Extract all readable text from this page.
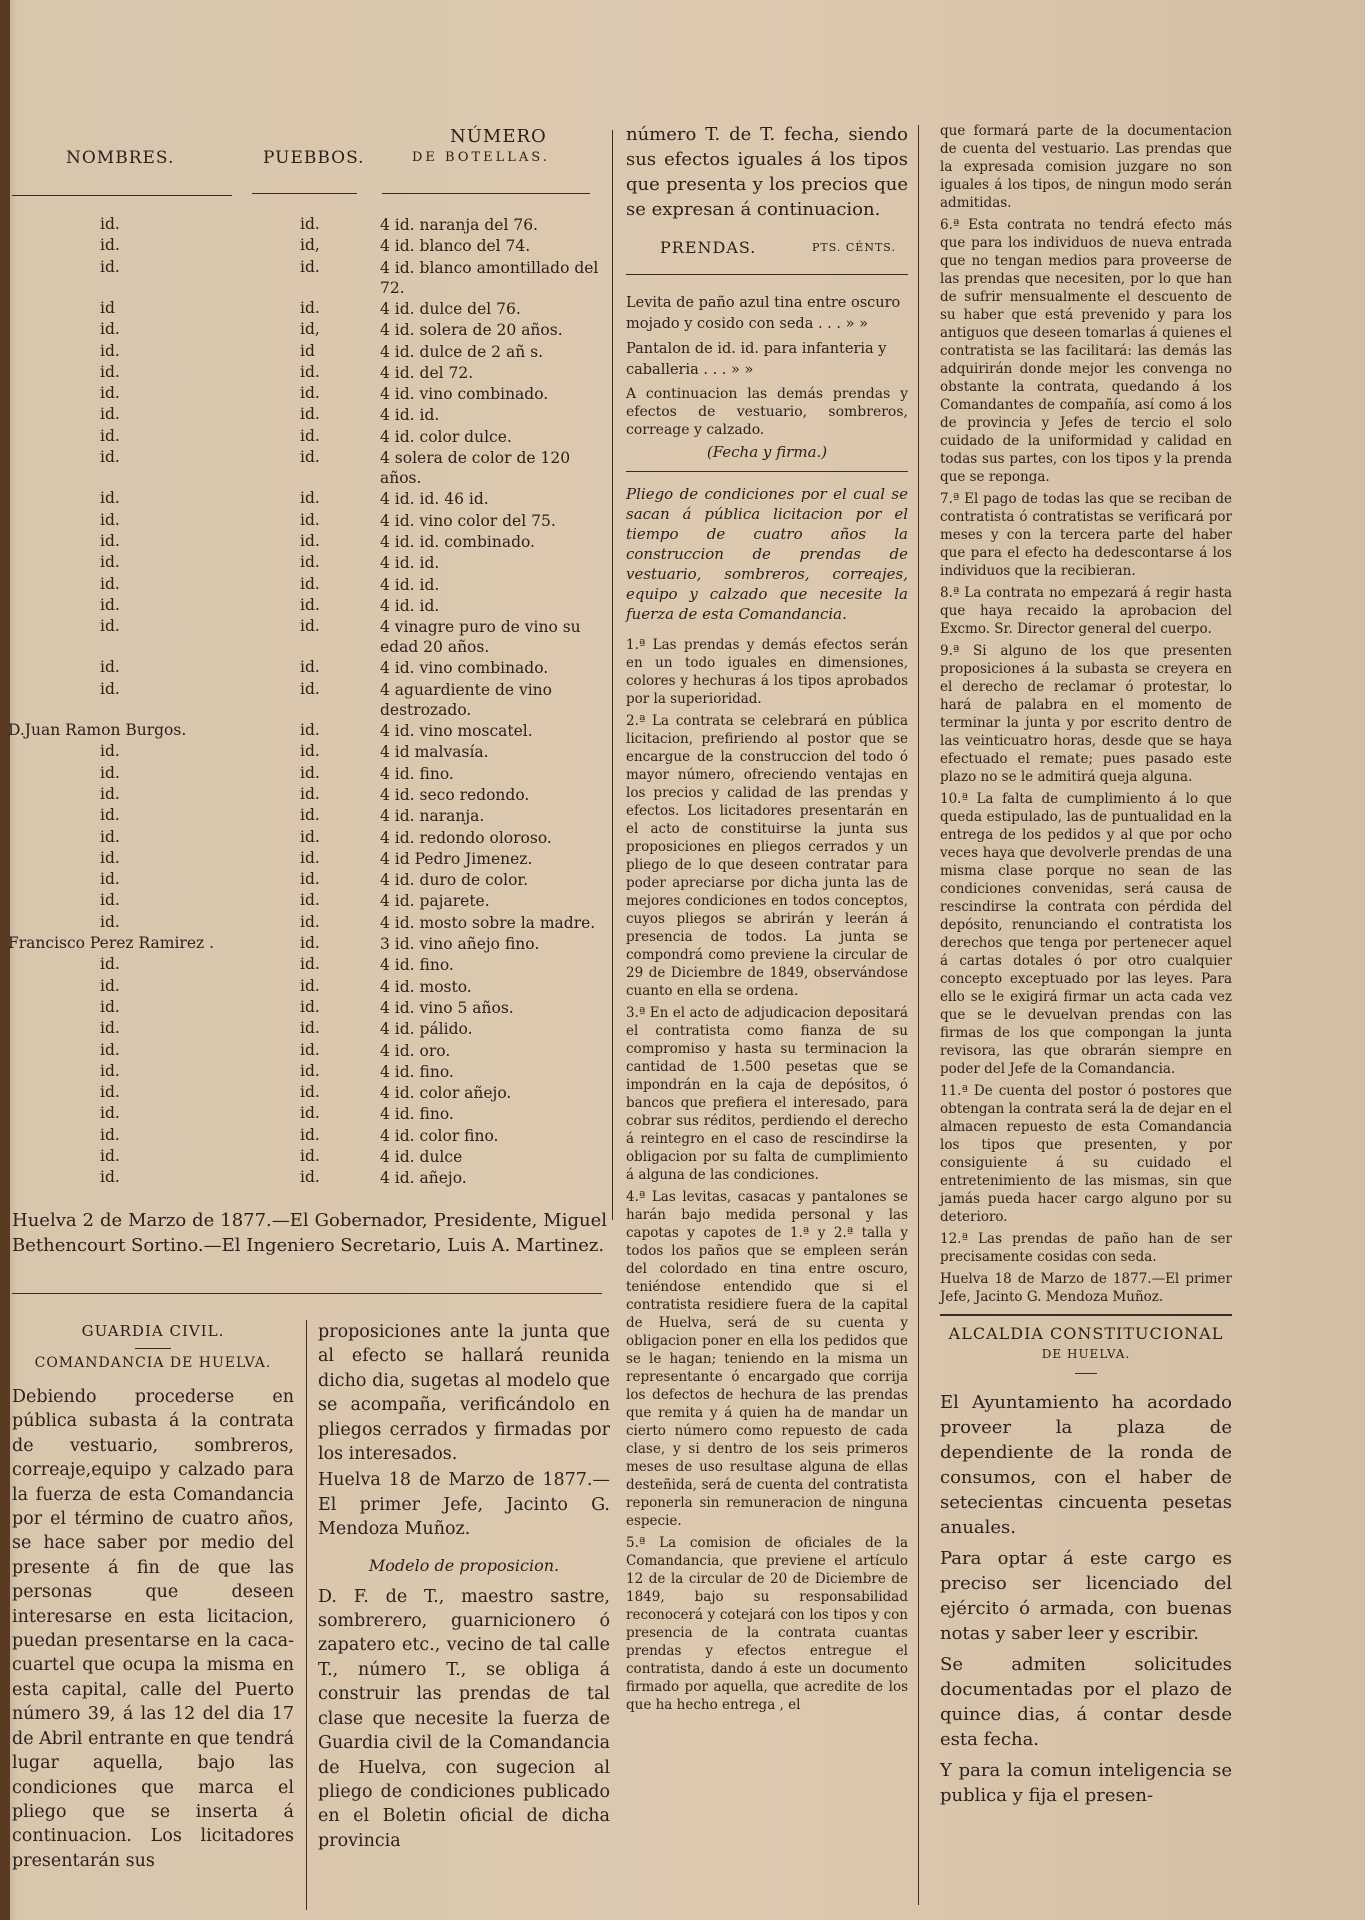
NOMBRES.	PUEBBOS.
NÚMERO
DE BOTELLAS.
id.	id.	4 id. naranja del 76.
id.	id,	4 id. blanco del 74.
id.	id.	4 id. blanco amontillado del 72.
id	id.	4 id. dulce del 76.
id.	id,	4 id. solera de 20 años.
id.	id	4 id. dulce de 2 añ s.
id.	id.	4 id. del 72.
id.	id.	4 id. vino combinado.
id.	id.	4 id. id.
id.	id.	4 id. color dulce.
id.	id.	4 solera de color de 120 años.
id.	id.	4 id. id. 46 id.
id.	id.	4 id. vino color del 75.
id.	id.	4 id. id. combinado.
id.	id.	4 id. id.
id.	id.	4 id. id.
id.	id.	4 id. id.
id.	id.	4 vinagre puro de vino su edad 20 años.
id.	id.	4 id. vino combinado.
id.	id.	4 aguardiente de vino destrozado.
D.Juan Ramon Burgos.	id.	4 id. vino moscatel.
id.	id.	4 id malvasía.
id.	id.	4 id. fino.
id.	id.	4 id. seco redondo.
id.	id.	4 id. naranja.
id.	id.	4 id. redondo oloroso.
id.	id.	4 id Pedro Jimenez.
id.	id.	4 id. duro de color.
id.	id.	4 id. pajarete.
id.	id.	4 id. mosto sobre la madre.
Francisco Perez Ramirez .	id.	3 id. vino añejo fino.
id.	id.	4 id. fino.
id.	id.	4 id. mosto.
id.	id.	4 id. vino 5 años.
id.	id.	4 id. pálido.
id.	id.	4 id. oro.
id.	id.	4 id. fino.
id.	id.	4 id. color añejo.
id.	id.	4 id. fino.
id.	id.	4 id. color fino.
id.	id.	4 id. dulce
id.	id.	4 id. añejo.
Huelva 2 de Marzo de 1877.—El Gobernador, Presidente, Miguel Bethencourt Sortino.—El Ingeniero Secretario, Luis A. Martinez.
GUARDIA CIVIL.
COMANDANCIA DE HUELVA.

Debiendo procederse en pública subasta á la contrata de vestuario, sombreros, correaje,equipo y calzado para la fuerza de esta Comandancia por el término de cuatro años, se hace saber por medio del presente á fin de que las personas que deseen interesarse en esta licitacion, puedan presentarse en la caca-cuartel que ocupa la misma en esta capital, calle del Puerto número 39, á las 12 del dia 17 de Abril entrante en que tendrá lugar aquella, bajo las condiciones que marca el pliego que se inserta á continuacion. Los licitadores presentarán sus

proposiciones ante la junta que al efecto se hallará reunida dicho dia, sugetas al modelo que se acompaña, verificándolo en pliegos cerrados y firmadas por los interesados.

Huelva 18 de Marzo de 1877.—El primer Jefe, Jacinto G. Mendoza Muñoz.

Modelo de proposicion.

D. F. de T., maestro sastre, sombrerero, guarnicionero ó zapatero etc., vecino de tal calle T., número T., se obliga á construir las prendas de tal clase que necesite la fuerza de Guardia civil de la Comandancia de Huelva, con sugecion al pliego de condiciones publicado en el Boletin oficial de dicha provincia

número T. de T. fecha, siendo sus efectos iguales á los tipos que presenta y los precios que se expresan á continuacion.

PRENDAS.	PTS. CÉNTS.
Levita de paño azul tina entre oscuro mojado y cosido con seda . . . » »
Pantalon de id. id. para infanteria y caballeria . . . » »

A continuacion las demás prendas y efectos de vestuario, sombreros, correage y calzado.

(Fecha y firma.)

Pliego de condiciones por el cual se sacan á pública licitacion por el tiempo de cuatro años la construccion de prendas de vestuario, sombreros, correajes, equipo y calzado que necesite la fuerza de esta Comandancia.

1.ª Las prendas y demás efectos serán en un todo iguales en dimensiones, colores y hechuras á los tipos aprobados por la superioridad.

2.ª La contrata se celebrará en pública licitacion, prefiriendo al postor que se encargue de la construccion del todo ó mayor número, ofreciendo ventajas en los precios y calidad de las prendas y efectos. Los licitadores presentarán en el acto de constituirse la junta sus proposiciones en pliegos cerrados y un pliego de lo que deseen contratar para poder apreciarse por dicha junta las de mejores condiciones en todos conceptos, cuyos pliegos se abrirán y leerán á presencia de todos. La junta se compondrá como previene la circular de 29 de Diciembre de 1849, observándose cuanto en ella se ordena.

3.ª En el acto de adjudicacion depositará el contratista como fianza de su compromiso y hasta su terminacion la cantidad de 1.500 pesetas que se impondrán en la caja de depósitos, ó bancos que prefiera el interesado, para cobrar sus réditos, perdiendo el derecho á reintegro en el caso de rescindirse la obligacion por su falta de cumplimiento á alguna de las condiciones.

4.ª Las levitas, casacas y pantalones se harán bajo medida personal y las capotas y capotes de 1.ª y 2.ª talla y todos los paños que se empleen serán del colordado en tina entre oscuro, teniéndose entendido que si el contratista residiere fuera de la capital de Huelva, será de su cuenta y obligacion poner en ella los pedidos que se le hagan; teniendo en la misma un representante ó encargado que corrija los defectos de hechura de las prendas que remita y á quien ha de mandar un cierto número como repuesto de cada clase, y si dentro de los seis primeros meses de uso resultase alguna de ellas desteñida, será de cuenta del contratista reponerla sin remuneracion de ninguna especie.

5.ª La comision de oficiales de la Comandancia, que previene el artículo 12 de la circular de 20 de Diciembre de 1849, bajo su responsabilidad reconocerá y cotejará con los tipos y con presencia de la contrata cuantas prendas y efectos entregue el contratista, dando á este un documento firmado por aquella, que acredite de los que ha hecho entrega , el

que formará parte de la documentacion de cuenta del vestuario. Las prendas que la expresada comision juzgare no son iguales á los tipos, de ningun modo serán admitidas.

6.ª Esta contrata no tendrá efecto más que para los individuos de nueva entrada que no tengan medios para proveerse de las prendas que necesiten, por lo que han de sufrir mensualmente el descuento de su haber que está prevenido y para los antiguos que deseen tomarlas á quienes el contratista se las facilitará: las demás las adquirirán donde mejor les convenga no obstante la contrata, quedando á los Comandantes de compañía, así como á los de provincia y Jefes de tercio el solo cuidado de la uniformidad y calidad en todas sus partes, con los tipos y la prenda que se reponga.

7.ª El pago de todas las que se reciban de contratista ó contratistas se verificará por meses y con la tercera parte del haber que para el efecto ha dedescontarse á los individuos que la recibieran.

8.ª La contrata no empezará á regir hasta que haya recaido la aprobacion del Excmo. Sr. Director general del cuerpo.

9.ª Si alguno de los que presenten proposiciones á la subasta se creyera en el derecho de reclamar ó protestar, lo hará de palabra en el momento de terminar la junta y por escrito dentro de las veinticuatro horas, desde que se haya efectuado el remate; pues pasado este plazo no se le admitirá queja alguna.

10.ª La falta de cumplimiento á lo que queda estipulado, las de puntualidad en la entrega de los pedidos y al que por ocho veces haya que devolverle prendas de una misma clase porque no sean de las condiciones convenidas, será causa de rescindirse la contrata con pérdida del depósito, renunciando el contratista los derechos que tenga por pertenecer aquel á cartas dotales ó por otro cualquier concepto exceptuado por las leyes. Para ello se le exigirá firmar un acta cada vez que se le devuelvan prendas con las firmas de los que compongan la junta revisora, las que obrarán siempre en poder del Jefe de la Comandancia.

11.ª De cuenta del postor ó postores que obtengan la contrata será la de dejar en el almacen repuesto de esta Comandancia los tipos que presenten, y por consiguiente á su cuidado el entretenimiento de las mismas, sin que jamás pueda hacer cargo alguno por su deterioro.

12.ª Las prendas de paño han de ser precisamente cosidas con seda.

Huelva 18 de Marzo de 1877.—El primer Jefe, Jacinto G. Mendoza Muñoz.

ALCALDIA CONSTITUCIONAL
DE HUELVA.

El Ayuntamiento ha acordado proveer la plaza de dependiente de la ronda de consumos, con el haber de setecientas cincuenta pesetas anuales.

Para optar á este cargo es preciso ser licenciado del ejército ó armada, con buenas notas y saber leer y escribir.

Se admiten solicitudes documentadas por el plazo de quince dias, á contar desde esta fecha.

Y para la comun inteligencia se publica y fija el presen-
